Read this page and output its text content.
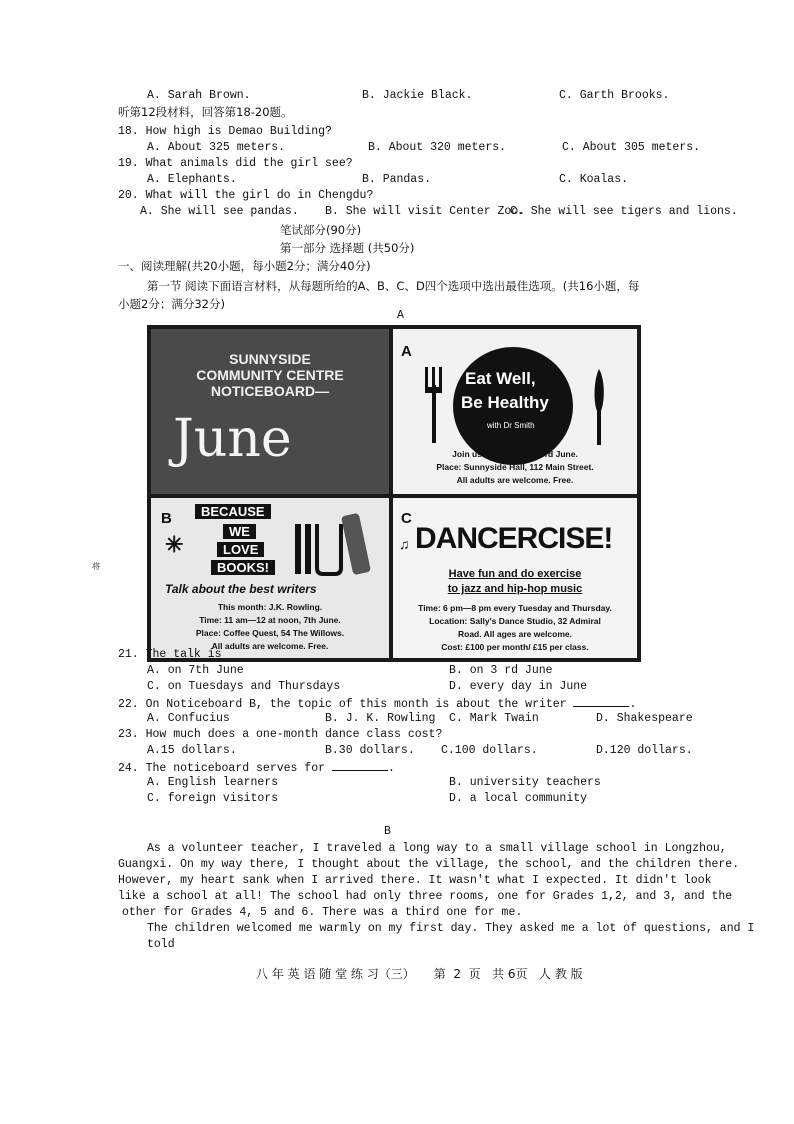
A. Sarah Brown.	B. Jackie Black.	C. Garth Brooks.
听第12段材料，回答第18-20题。
18. How high is Demao Building?
A. About 325 meters.	B. About 320 meters.	C. About 305 meters.
19. What animals did the girl see?
A. Elephants.	B. Pandas.	C. Koalas.
20. What will the girl do in Chengdu?
A. She will see pandas. B. She will visit Center Zoo.
C. She will see tigers and lions.
笔试部分(90分)
第一部分 选择题 (共50分)
一、阅读理解(共20小题，每小题2分；满分40分)
第一节 阅读下面语言材料，从每题所给的A、B、C、D四个选项中选出最佳选项。(共16小题，每
小题2分；满分32分)
A
将
SUNNYSIDE
COMMUNITY CENTRE
NOTICEBOARD—
June
A
Eat Well,
Be Healthy
with Dr Smith
Join us: 2 pm—4 pm, 3rd June.
Place: Sunnyside Hall, 112 Main Street.
All adults are welcome. Free.
B	BECAUSE
WE
LOVE
BOOKS!
✳
Talk about the best writers
This month: J.K. Rowling.
Time: 11 am—12 at noon, 7th June.
Place: Coffee Quest, 54 The Willows.
All adults are welcome. Free.
C
♫ DANCERCISE!
Have fun and do exercise
to jazz and hip-hop music
Time: 6 pm—8 pm every Tuesday and Thursday.
Location: Sally's Dance Studio, 32 Admiral
Road. All ages are welcome.
Cost: £100 per month/ £15 per class.
21. The talk is
A. on 7th June	B. on 3 rd June
C. on Tuesdays and Thursdays	D. every day in June
22. On Noticeboard B, the topic of this month is about the writer	.
A. Confucius	B. J. K. Rowling C. Mark Twain	D. Shakespeare
23. How much does a one-month dance class cost?
A.15 dollars.	B.30 dollars. C.100 dollars.	D.120 dollars.
24. The noticeboard serves for	.
A. English learners	B. university teachers
C. foreign visitors	D. a local community
B
As a volunteer teacher, I traveled a long way to a small village school in Longzhou,
Guangxi. On my way there, I thought about the village, the school, and the children there.
However, my heart sank when I arrived there. It wasn't what I expected. It didn't look
like a school at all! The school had only three rooms, one for Grades 1,2, and 3, and the
other for Grades 4, 5 and 6. There was a third one for me.
The children welcomed me warmly on my first day. They asked me a lot of questions, and I
told
八 年 英 语 随 堂 练 习（三）     第  2  页   共 6页   人 教 版
